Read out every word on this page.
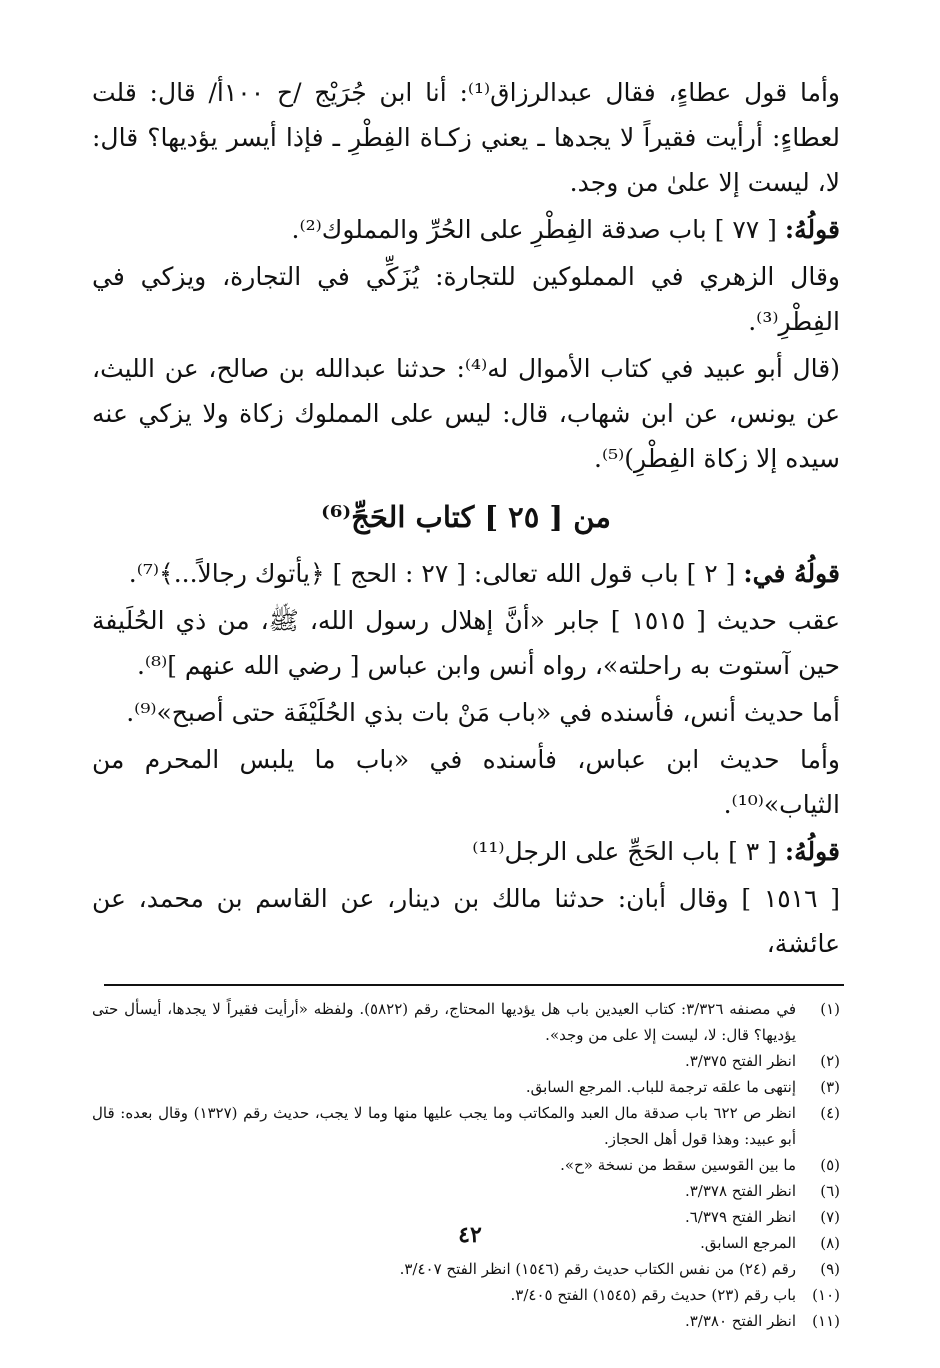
وأما قول عطاءٍ، فقال عبدالرزاق⁽¹⁾: أنا ابن جُرَيْج /ح ١٠٠أ/ قال: قلت لعطاءٍ: أرأيت فقيراً لا يجدها ـ يعني زكـاة الفِطْرِ ـ فإذا أيسر يؤديها؟ قال: لا، ليست إلا علىٰ من وجد.

قولُهُ: [ ٧٧ ] باب صدقة الفِطْرِ على الحُرِّ والمملوك⁽²⁾.

وقال الزهري في المملوكين للتجارة: يُزَكِّي في التجارة، ويزكي في الفِطْرِ⁽³⁾.

(قال أبو عبيد في كتاب الأموال له⁽⁴⁾: حدثنا عبدالله بن صالح، عن الليث، عن يونس، عن ابن شهاب، قال: ليس على المملوك زكاة ولا يزكي عنه سيده إلا زكاة الفِطْرِ)⁽⁵⁾.

من [ ٢٥ ] كتاب الحَجِّ⁽⁶⁾

قولُهُ في: [ ٢ ] باب قول الله تعالى: [ ٢٧ : الحج ] ﴿يأتوك رجالاً...﴾⁽⁷⁾.

عقب حديث [ ١٥١٥ ] جابر «أنَّ إهلال رسول الله، ﷺ، من ذي الحُلَيفة حين آستوت به راحلته»، رواه أنس وابن عباس [ رضي الله عنهم ]⁽⁸⁾.

أما حديث أنس، فأسنده في «باب مَنْ بات بذي الحُلَيْفَة حتى أصبح»⁽⁹⁾.

وأما حديث ابن عباس، فأسنده في «باب ما يلبس المحرم من الثياب»⁽¹⁰⁾.

قولُهُ: [ ٣ ] باب الحَجِّ على الرجل⁽¹¹⁾

[ ١٥١٦ ] وقال أبان: حدثنا مالك بن دينار، عن القاسم بن محمد، عن عائشة،

(١)
في مصنفه ٣/٣٢٦: كتاب العيدين باب هل يؤديها المحتاج، رقم (٥٨٢٢). ولفظه «أرأيت فقيراً لا يجدها، أيسأل حتى يؤديها؟ قال: لا، ليست إلا على من وجد».
(٢)
انظر الفتح ٣/٣٧٥.
(٣)
إنتهى ما علقه ترجمة للباب. المرجع السابق.
(٤)
انظر ص ٦٢٢ باب صدقة مال العبد والمكاتب وما يجب عليها منها وما لا يجب، حديث رقم (١٣٢٧) وقال بعده: قال أبو عبيد: وهذا قول أهل الحجاز.
(٥)
ما بين القوسين سقط من نسخة «ح».
(٦)
انظر الفتح ٣/٣٧٨.
(٧)
انظر الفتح ٦/٣٧٩.
(٨)
المرجع السابق.
(٩)
رقم (٢٤) من نفس الكتاب حديث رقم (١٥٤٦) انظر الفتح ٣/٤٠٧.
(١٠)
باب رقم (٢٣) حديث رقم (١٥٤٥) الفتح ٣/٤٠٥.
(١١)
انظر الفتح ٣/٣٨٠.
٤٢
